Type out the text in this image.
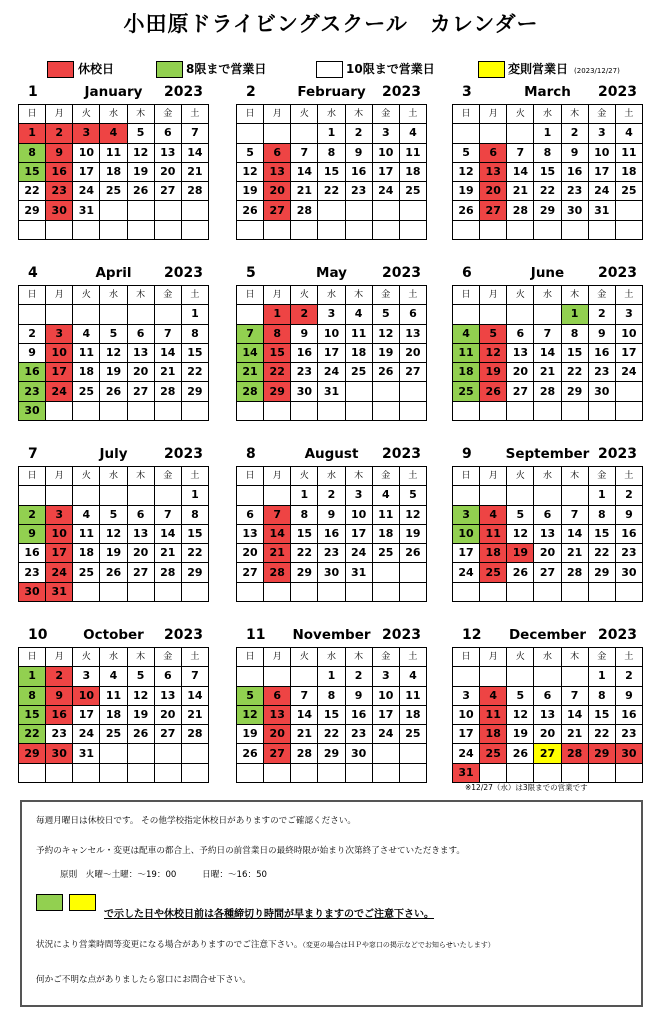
小田原ドライビングスクール　カレンダー
休校日	8限まで営業日	10限まで営業日	変則営業日 (2023/12/27)
1	January	2023
日	月	火	水	木	金	土
1	2	3	4	5	6	7
8	9	10	11	12	13	14
15	16	17	18	19	20	21
22	23	24	25	26	27	28
29	30	31				

2	February	2023
日	月	火	水	木	金	土
			1	2	3	4
5	6	7	8	9	10	11
12	13	14	15	16	17	18
19	20	21	22	23	24	25
26	27	28				

3	March	2023
日	月	火	水	木	金	土
			1	2	3	4
5	6	7	8	9	10	11
12	13	14	15	16	17	18
19	20	21	22	23	24	25
26	27	28	29	30	31	

4	April	2023
日	月	火	水	木	金	土
						1
2	3	4	5	6	7	8
9	10	11	12	13	14	15
16	17	18	19	20	21	22
23	24	25	26	27	28	29
30						
5	May	2023
日	月	火	水	木	金	土
	1	2	3	4	5	6
7	8	9	10	11	12	13
14	15	16	17	18	19	20
21	22	23	24	25	26	27
28	29	30	31			

6	June	2023
日	月	火	水	木	金	土
				1	2	3
4	5	6	7	8	9	10
11	12	13	14	15	16	17
18	19	20	21	22	23	24
25	26	27	28	29	30	

7	July	2023
日	月	火	水	木	金	土
						1
2	3	4	5	6	7	8
9	10	11	12	13	14	15
16	17	18	19	20	21	22
23	24	25	26	27	28	29
30	31					
8	August	2023
日	月	火	水	木	金	土
		1	2	3	4	5
6	7	8	9	10	11	12
13	14	15	16	17	18	19
20	21	22	23	24	25	26
27	28	29	30	31		

9	September 2023
日	月	火	水	木	金	土
					1	2
3	4	5	6	7	8	9
10	11	12	13	14	15	16
17	18	19	20	21	22	23
24	25	26	27	28	29	30

10	October	2023
日	月	火	水	木	金	土
1	2	3	4	5	6	7
8	9	10	11	12	13	14
15	16	17	18	19	20	21
22	23	24	25	26	27	28
29	30	31				

11	November 2023
日	月	火	水	木	金	土
			1	2	3	4
5	6	7	8	9	10	11
12	13	14	15	16	17	18
19	20	21	22	23	24	25
26	27	28	29	30		

12	December 2023
日	月	火	水	木	金	土
					1	2
3	4	5	6	7	8	9
10	11	12	13	14	15	16
17	18	19	20	21	22	23
24	25	26	27	28	29	30
31						
※12/27（水）は3限までの営業です
毎週月曜日は休校日です。 その他学校指定休校日がありますのでご確認ください。
予約のキャンセル・変更は配車の都合上、予約日の前営業日の最終時限が始まり次第終了させていただきます。
原則　火曜～土曜：～19：00　　　日曜：～16：50
で示した日や休校日前は各種締切り時間が早まりますのでご注意下さい。
状況により営業時間等変更になる場合がありますのでご注意下さい。（変更の場合はＨＰや窓口の掲示などでお知らせいたします）
何かご不明な点がありましたら窓口にお問合せ下さい。
